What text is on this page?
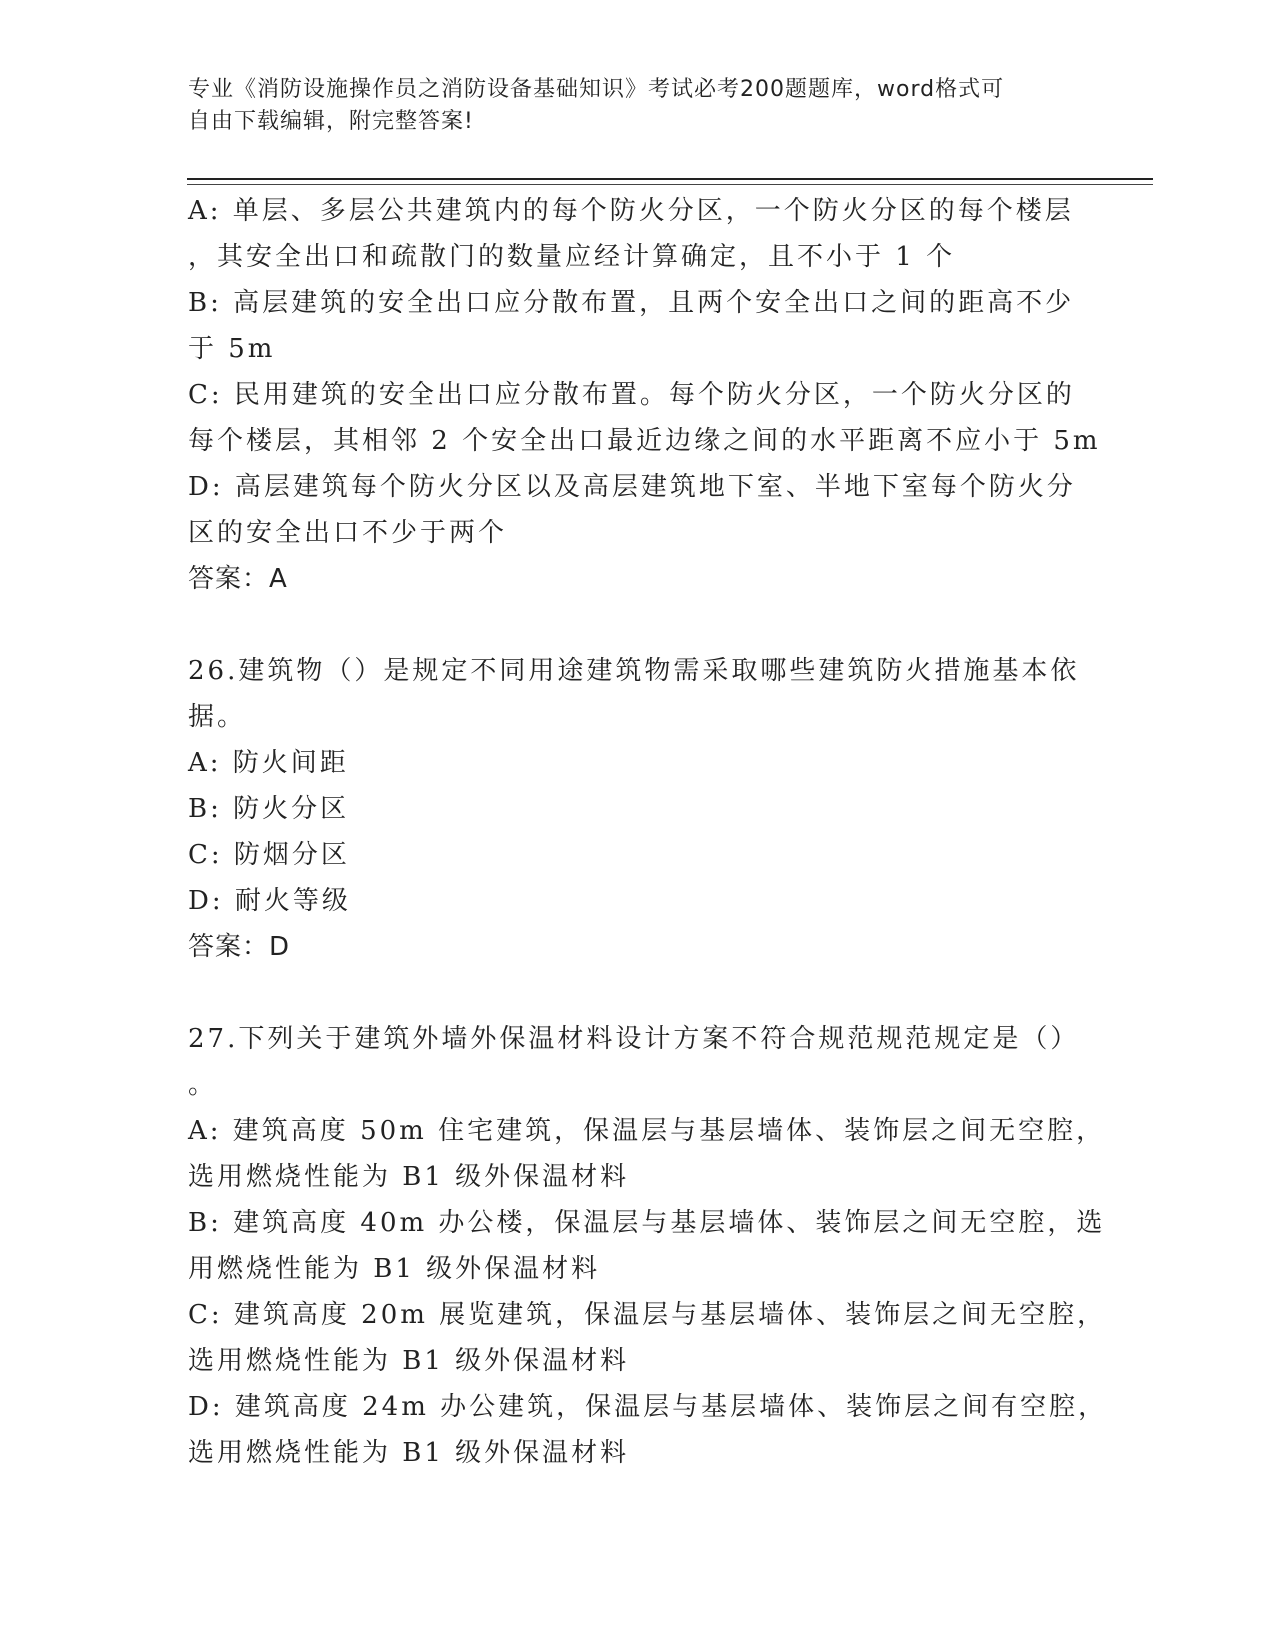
专业《消防设施操作员之消防设备基础知识》考试必考200题题库，word格式可
自由下载编辑，附完整答案!
A: 单层、多层公共建筑内的每个防火分区，一个防火分区的每个楼层
，其安全出口和疏散门的数量应经计算确定，且不小于 1 个
B: 高层建筑的安全出口应分散布置，且两个安全出口之间的距高不少
于 5m
C: 民用建筑的安全出口应分散布置。每个防火分区，一个防火分区的
每个楼层，其相邻 2 个安全出口最近边缘之间的水平距离不应小于 5m
D: 高层建筑每个防火分区以及高层建筑地下室、半地下室每个防火分
区的安全出口不少于两个
答案：A
26.建筑物（）是规定不同用途建筑物需采取哪些建筑防火措施基本依
据。
A: 防火间距
B: 防火分区
C: 防烟分区
D: 耐火等级
答案：D
27.下列关于建筑外墙外保温材料设计方案不符合规范规范规定是（）
。
A: 建筑高度 50m 住宅建筑，保温层与基层墙体、装饰层之间无空腔，
选用燃烧性能为 B1 级外保温材料
B: 建筑高度 40m 办公楼，保温层与基层墙体、装饰层之间无空腔，选
用燃烧性能为 B1 级外保温材料
C: 建筑高度 20m 展览建筑，保温层与基层墙体、装饰层之间无空腔，
选用燃烧性能为 B1 级外保温材料
D: 建筑高度 24m 办公建筑，保温层与基层墙体、装饰层之间有空腔，
选用燃烧性能为 B1 级外保温材料
